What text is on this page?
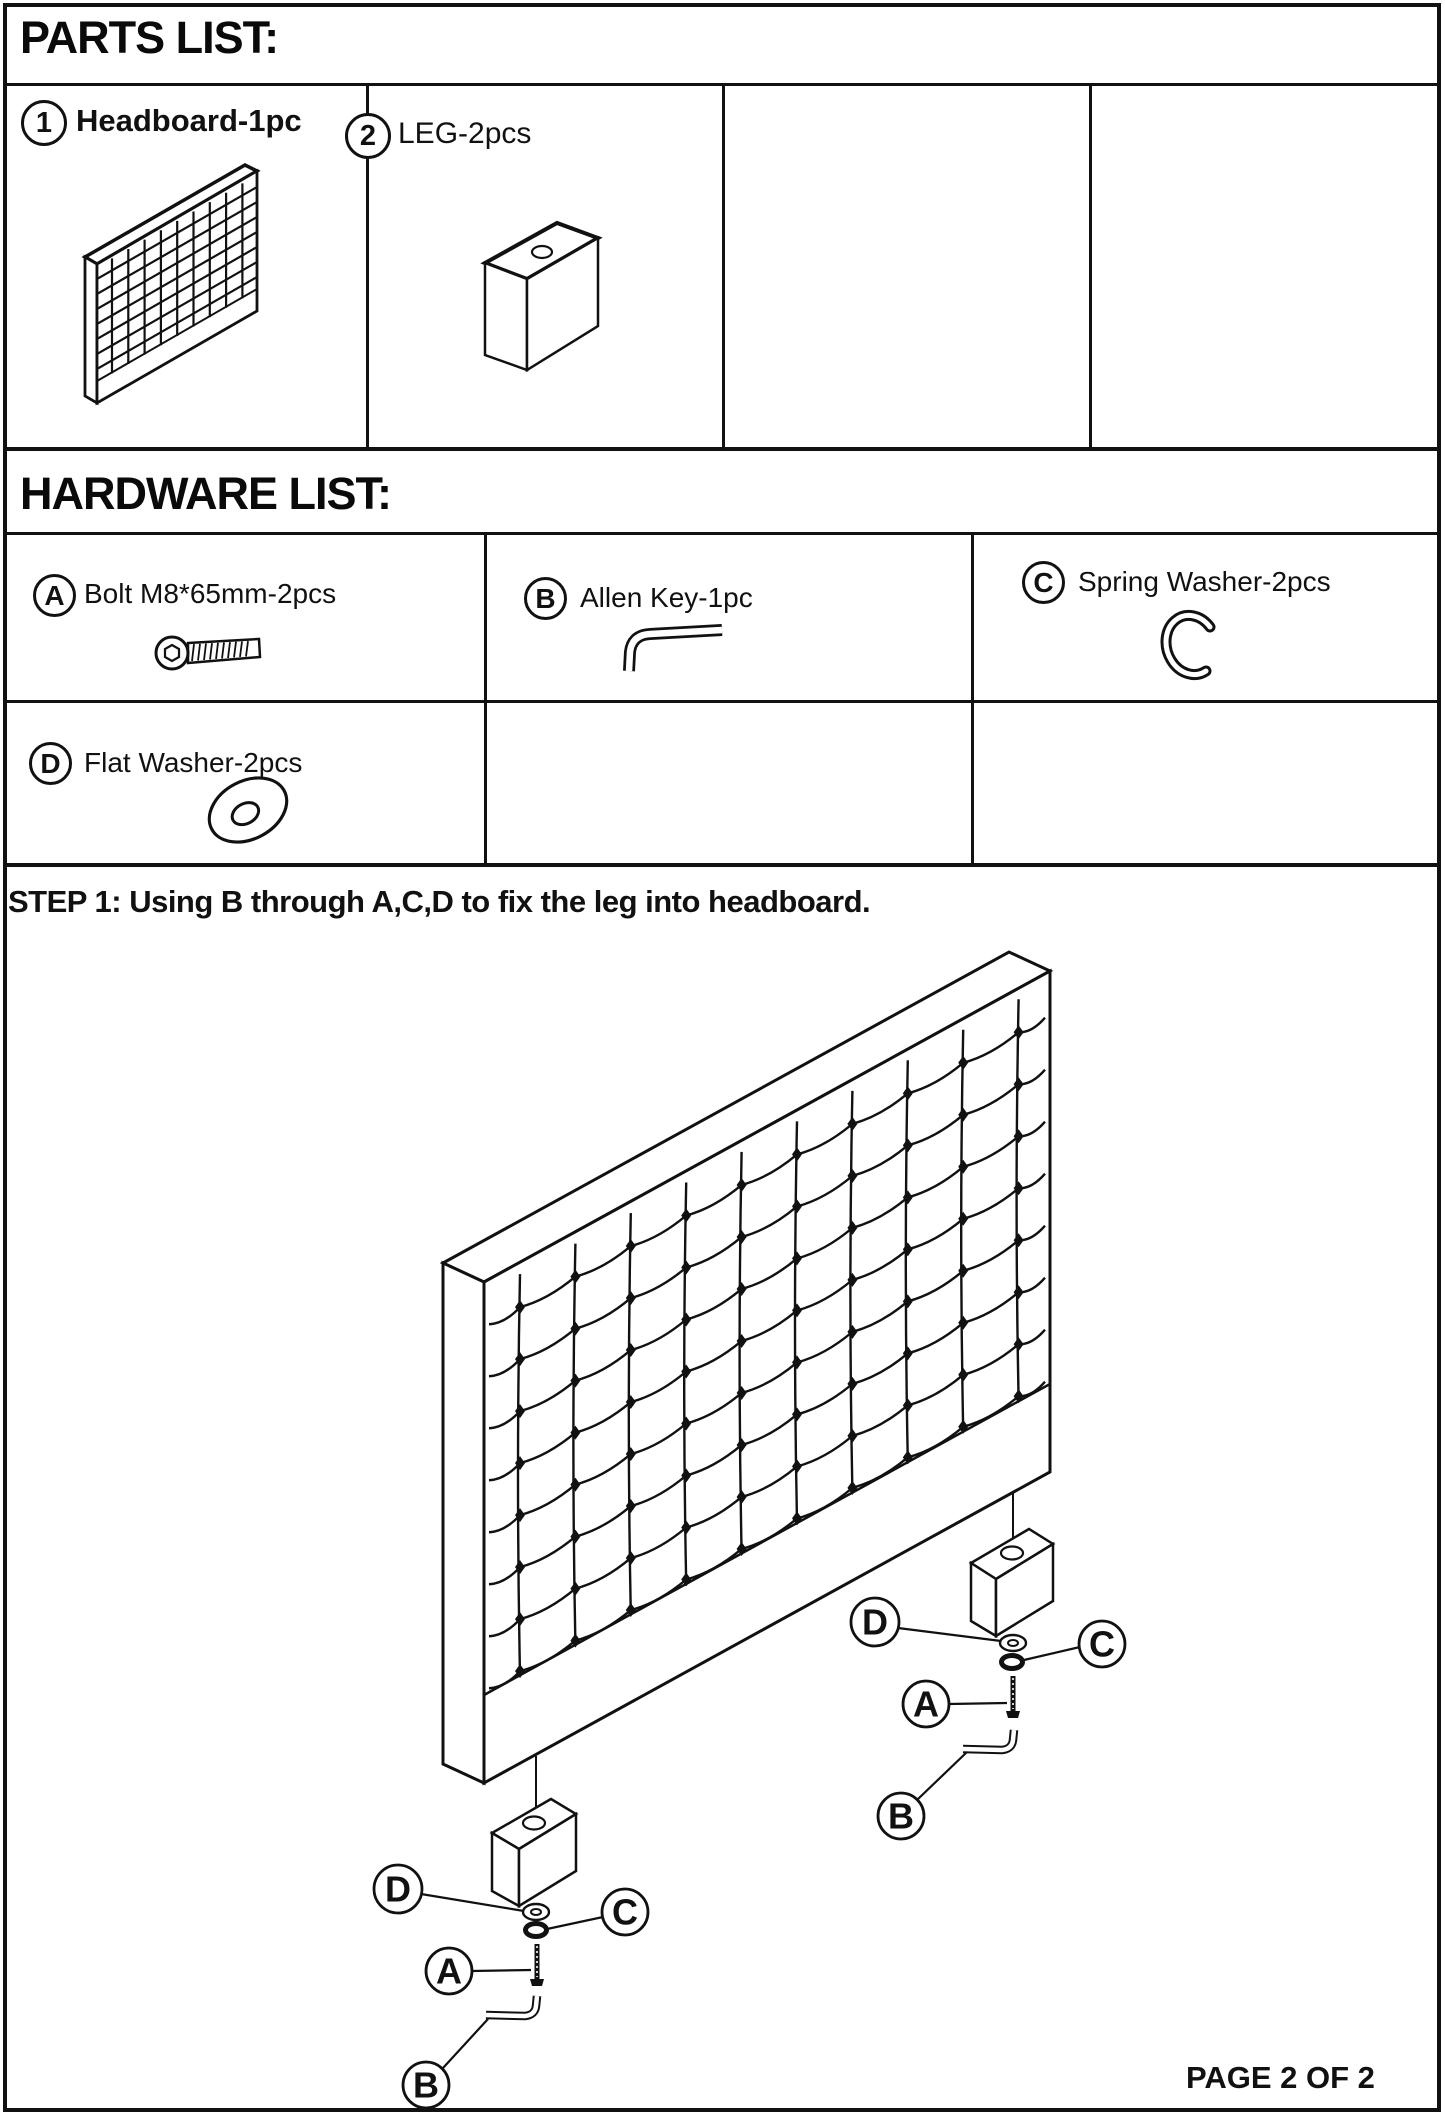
D
C
A
B
D
C
A
B
PARTS LIST:
1 Headboard-1pc 2 LEG-2pcs
HARDWARE LIST:
A Bolt M8*65mm-2pcs	B Allen Key-1pc	C Spring Washer-2pcs
D Flat Washer-2pcs
STEP 1: Using B through A,C,D to fix the leg into headboard.
PAGE 2 OF 2
